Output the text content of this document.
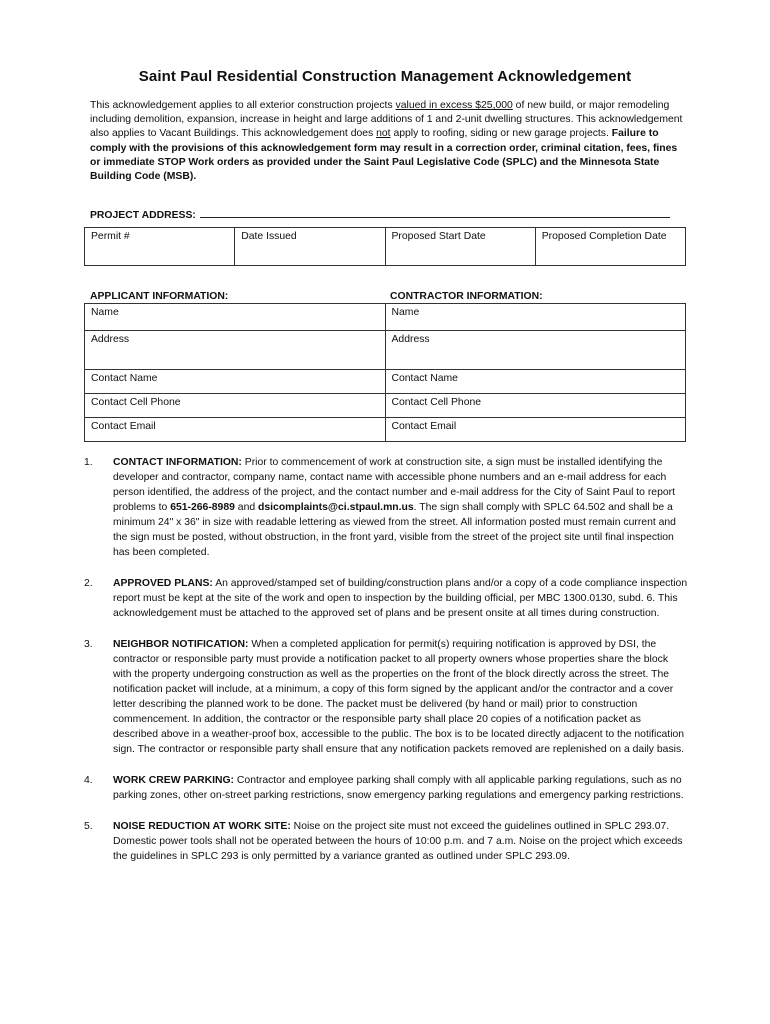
Saint Paul Residential Construction Management Acknowledgement
This acknowledgement applies to all exterior construction projects valued in excess $25,000 of new build, or major remodeling including demolition, expansion, increase in height and large additions of 1 and 2-unit dwelling structures. This acknowledgement also applies to Vacant Buildings. This acknowledgement does not apply to roofing, siding or new garage projects. Failure to comply with the provisions of this acknowledgement form may result in a correction order, criminal citation, fees, fines or immediate STOP Work orders as provided under the Saint Paul Legislative Code (SPLC) and the Minnesota State Building Code (MSB).
PROJECT ADDRESS:
Permit #	Date Issued	Proposed Start Date	Proposed Completion Date
APPLICANT INFORMATION:	CONTRACTOR INFORMATION:
Name	Name
Address	Address
Contact Name	Contact Name
Contact Cell Phone	Contact Cell Phone
Contact Email	Contact Email
1.	CONTACT INFORMATION: Prior to commencement of work at construction site, a sign must be installed identifying the developer and contractor, company name, contact name with accessible phone numbers and an e-mail address for each person identified, the address of the project, and the contact number and e-mail address for the City of Saint Paul to report problems to 651-266-8989 and dsicomplaints@ci.stpaul.mn.us. The sign shall comply with SPLC 64.502 and shall be a minimum 24" x 36" in size with readable lettering as viewed from the street. All information posted must remain current and the sign must be posted, without obstruction, in the front yard, visible from the street of the project site until final inspection has been completed.
2.	APPROVED PLANS: An approved/stamped set of building/construction plans and/or a copy of a code compliance inspection report must be kept at the site of the work and open to inspection by the building official, per MBC 1300.0130, subd. 6. This acknowledgement must be attached to the approved set of plans and be present onsite at all times during construction.
3.	NEIGHBOR NOTIFICATION: When a completed application for permit(s) requiring notification is approved by DSI, the contractor or responsible party must provide a notification packet to all property owners whose properties share the block with the property undergoing construction as well as the properties on the front of the block directly across the street. The notification packet will include, at a minimum, a copy of this form signed by the applicant and/or the contractor and a cover letter describing the planned work to be done. The packet must be delivered (by hand or mail) prior to construction commencement. In addition, the contractor or the responsible party shall place 20 copies of a notification packet as described above in a weather-proof box, accessible to the public. The box is to be located directly adjacent to the notification sign. The contractor or responsible party shall ensure that any notification packets removed are replenished on a daily basis.
4.	WORK CREW PARKING: Contractor and employee parking shall comply with all applicable parking regulations, such as no parking zones, other on-street parking restrictions, snow emergency parking regulations and emergency parking restrictions.
5.	NOISE REDUCTION AT WORK SITE: Noise on the project site must not exceed the guidelines outlined in SPLC 293.07. Domestic power tools shall not be operated between the hours of 10:00 p.m. and 7 a.m. Noise on the project which exceeds the guidelines in SPLC 293 is only permitted by a variance granted as outlined under SPLC 293.09.
